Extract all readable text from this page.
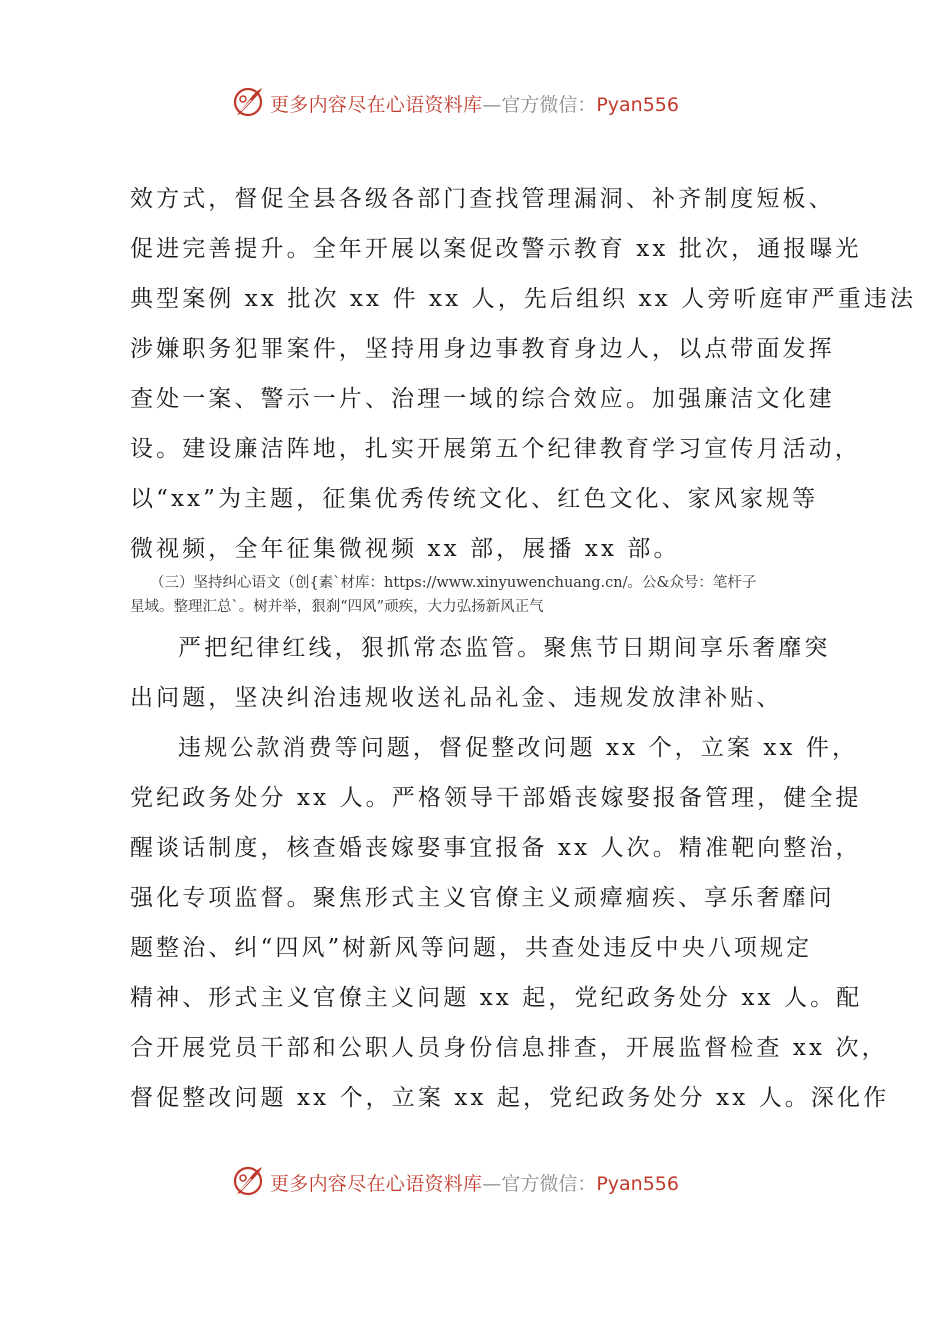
更多内容尽在心语资料库—官方微信：Pyan556
效方式，督促全县各级各部门查找管理漏洞、补齐制度短板、
促进完善提升。全年开展以案促改警示教育 xx 批次，通报曝光
典型案例 xx 批次 xx 件 xx 人，先后组织 xx 人旁听庭审严重违法
涉嫌职务犯罪案件，坚持用身边事教育身边人，以点带面发挥
查处一案、警示一片、治理一域的综合效应。加强廉洁文化建
设。建设廉洁阵地，扎实开展第五个纪律教育学习宣传月活动，
以“xx”为主题，征集优秀传统文化、红色文化、家风家规等
微视频，全年征集微视频 xx 部，展播 xx 部。
（三）坚持纠心语文（创{素`材库：https://www.xinyuwenchuang.cn/。公&众号：笔杆子
星域。整理汇总`。树并举，狠刹“四风”顽疾，大力弘扬新风正气
严把纪律红线，狠抓常态监管。聚焦节日期间享乐奢靡突
出问题，坚决纠治违规收送礼品礼金、违规发放津补贴、
违规公款消费等问题，督促整改问题 xx 个，立案 xx 件，
党纪政务处分 xx 人。严格领导干部婚丧嫁娶报备管理，健全提
醒谈话制度，核查婚丧嫁娶事宜报备 xx 人次。精准靶向整治，
强化专项监督。聚焦形式主义官僚主义顽瘴痼疾、享乐奢靡问
题整治、纠“四风”树新风等问题，共查处违反中央八项规定
精神、形式主义官僚主义问题 xx 起，党纪政务处分 xx 人。配
合开展党员干部和公职人员身份信息排查，开展监督检查 xx 次，
督促整改问题 xx 个，立案 xx 起，党纪政务处分 xx 人。深化作
更多内容尽在心语资料库—官方微信：Pyan556
